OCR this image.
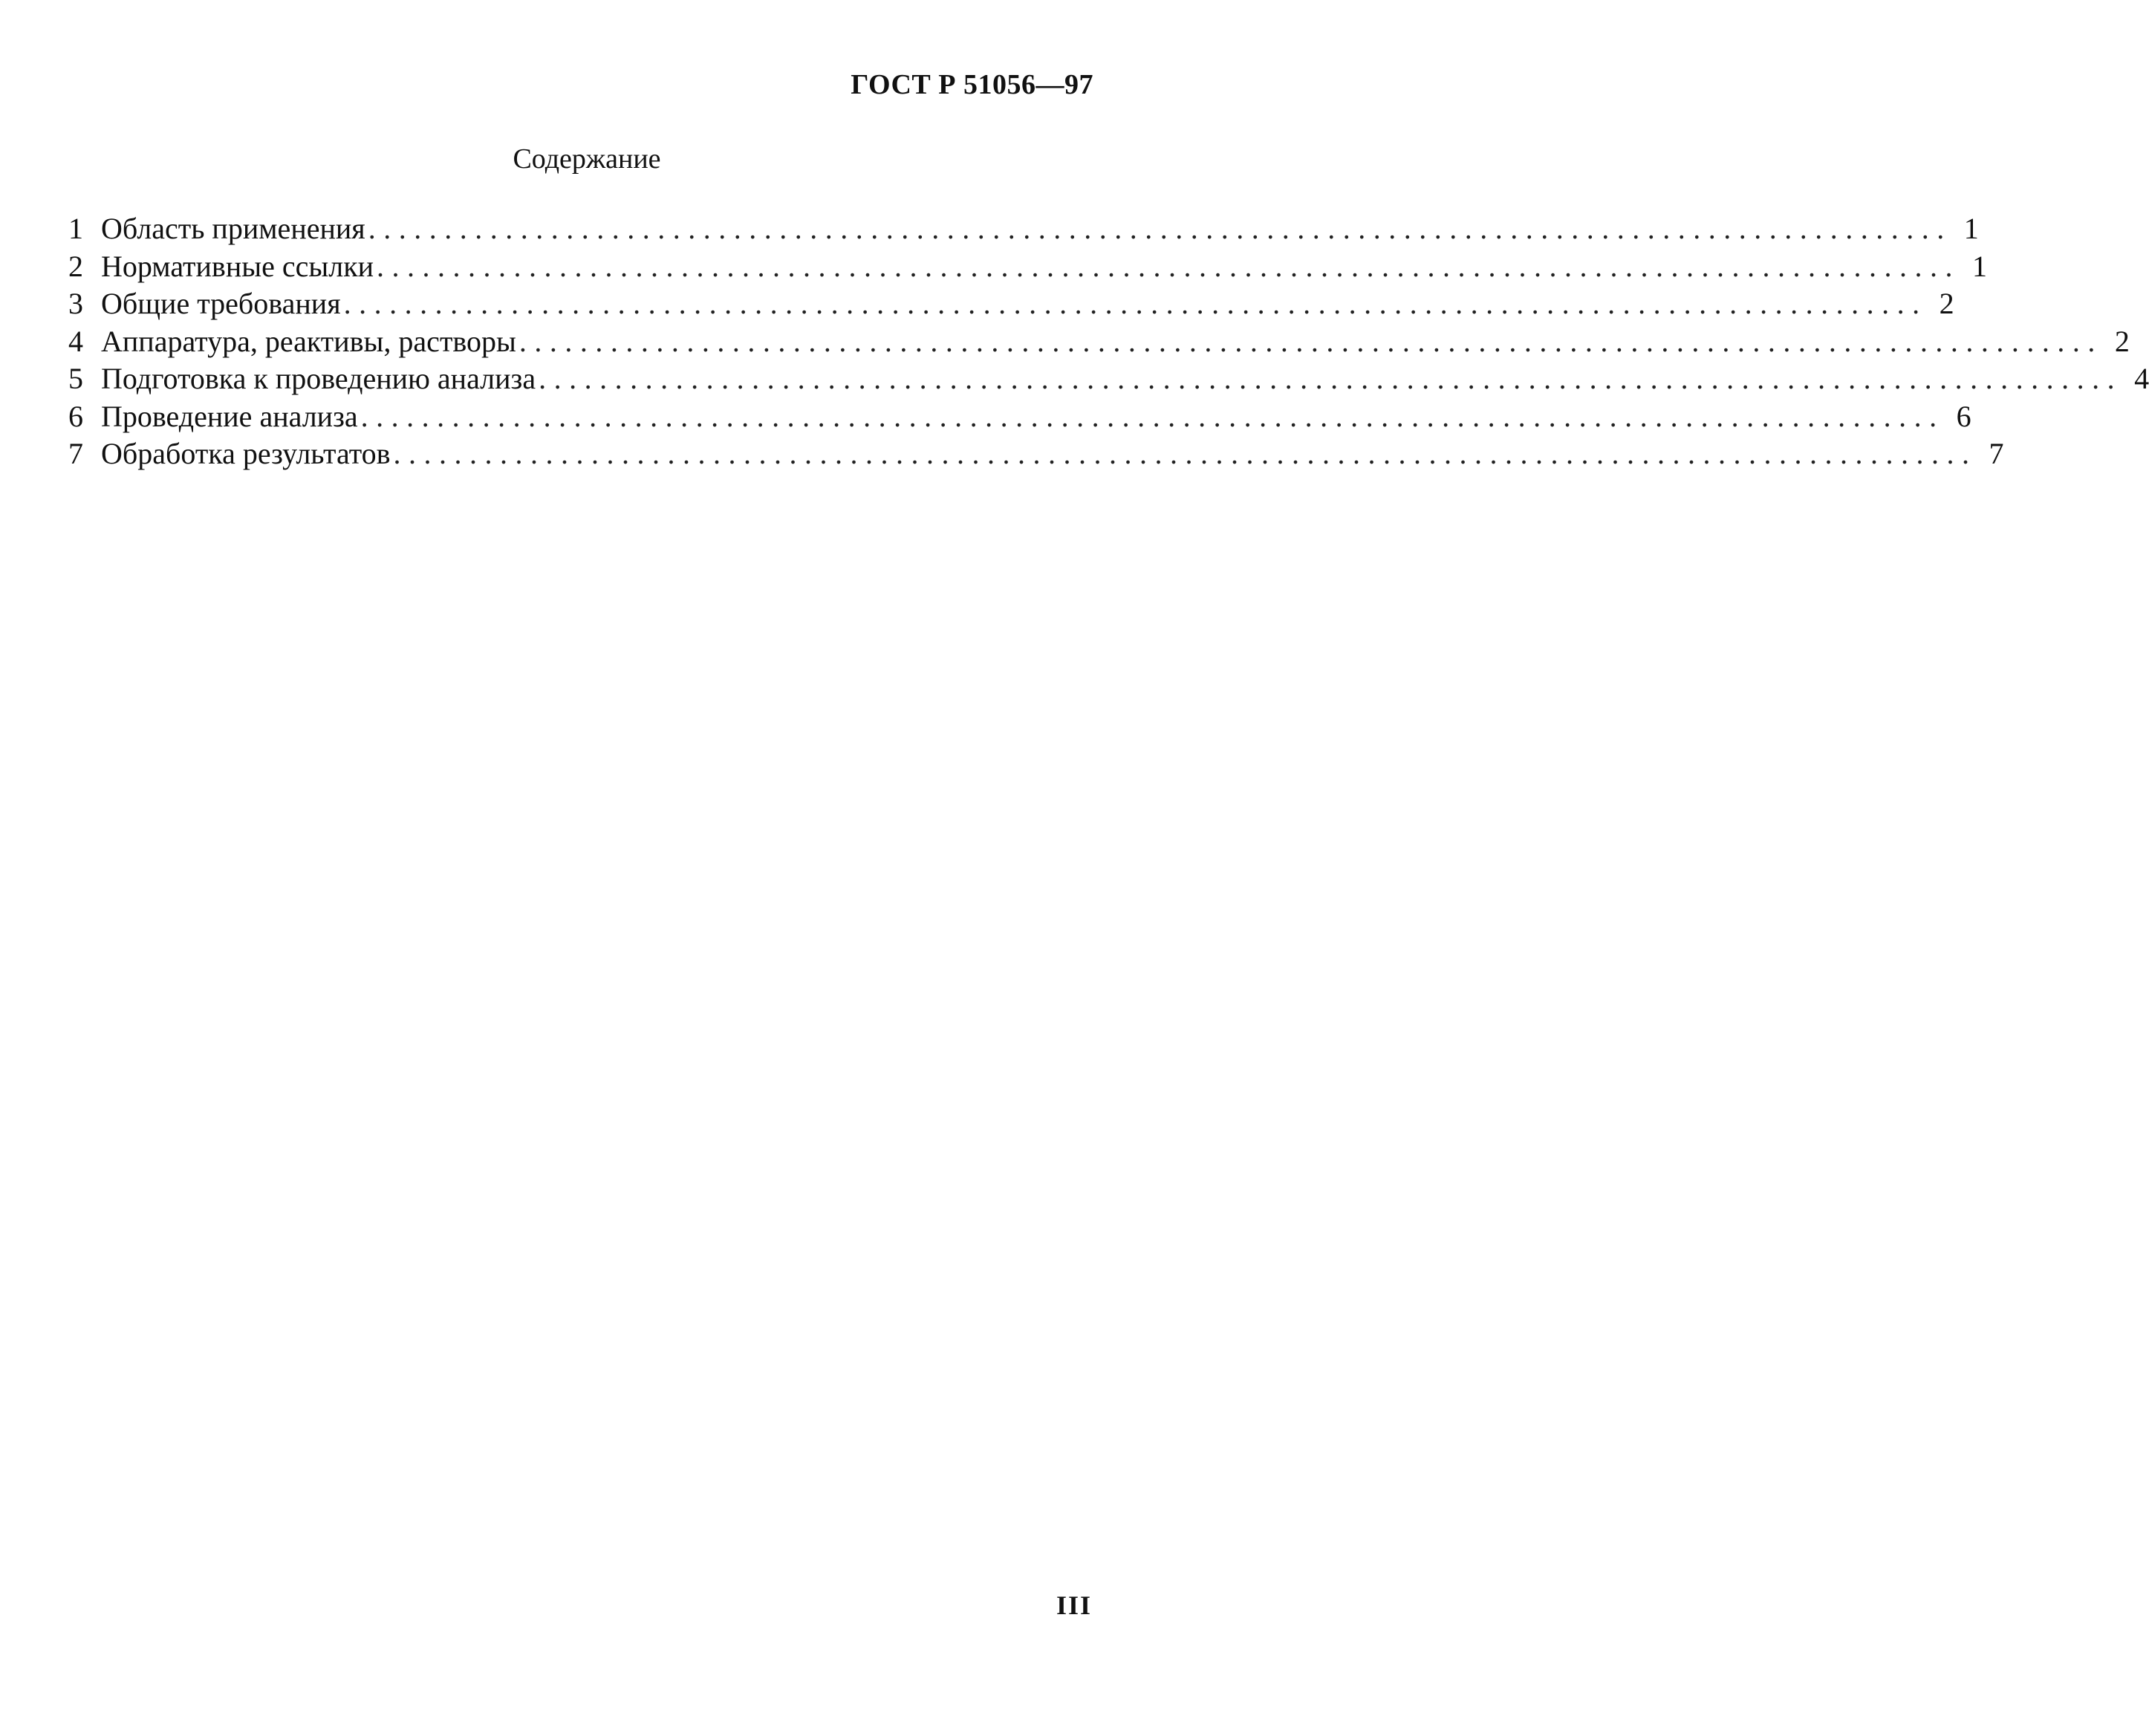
ГОСТ Р 51056—97
Содержание
1 Область применения ........................................................................................................ 1
2 Нормативные ссылки ........................................................................................................ 1
3 Общие требования ........................................................................................................ 2
4 Аппаратура, реактивы, растворы ........................................................................................................ 2
5 Подготовка к проведению анализа ........................................................................................................ 4
6 Проведение анализа ........................................................................................................ 6
7 Обработка результатов ........................................................................................................ 7
III
